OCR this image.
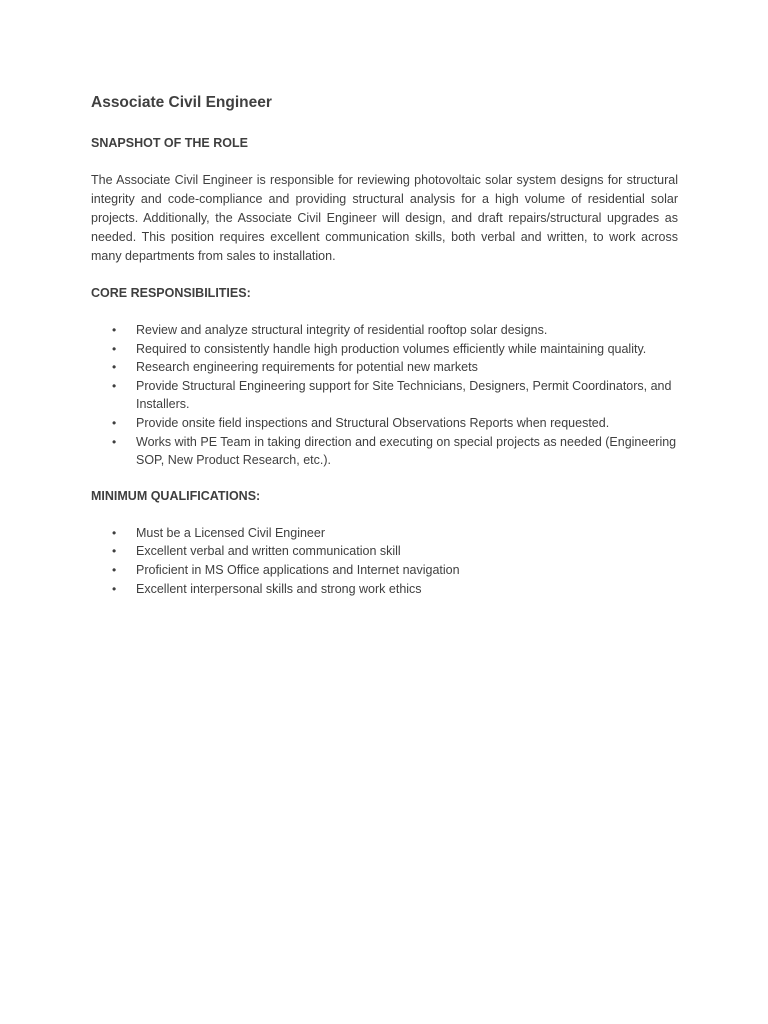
Associate Civil Engineer
SNAPSHOT OF THE ROLE

The Associate Civil Engineer is responsible for reviewing photovoltaic solar system designs for structural integrity and code-compliance and providing structural analysis for a high volume of residential solar projects. Additionally, the Associate Civil Engineer will design, and draft repairs/structural upgrades as needed. This position requires excellent communication skills, both verbal and written, to work across many departments from sales to installation.

CORE RESPONSIBILITIES:
• Review and analyze structural integrity of residential rooftop solar designs.
• Required to consistently handle high production volumes efficiently while maintaining quality.
• Research engineering requirements for potential new markets
• Provide Structural Engineering support for Site Technicians, Designers, Permit Coordinators, and Installers.
• Provide onsite field inspections and Structural Observations Reports when requested.
• Works with PE Team in taking direction and executing on special projects as needed (Engineering SOP, New Product Research, etc.).
MINIMUM QUALIFICATIONS:
• Must be a Licensed Civil Engineer
• Excellent verbal and written communication skill
• Proficient in MS Office applications and Internet navigation
• Excellent interpersonal skills and strong work ethics
